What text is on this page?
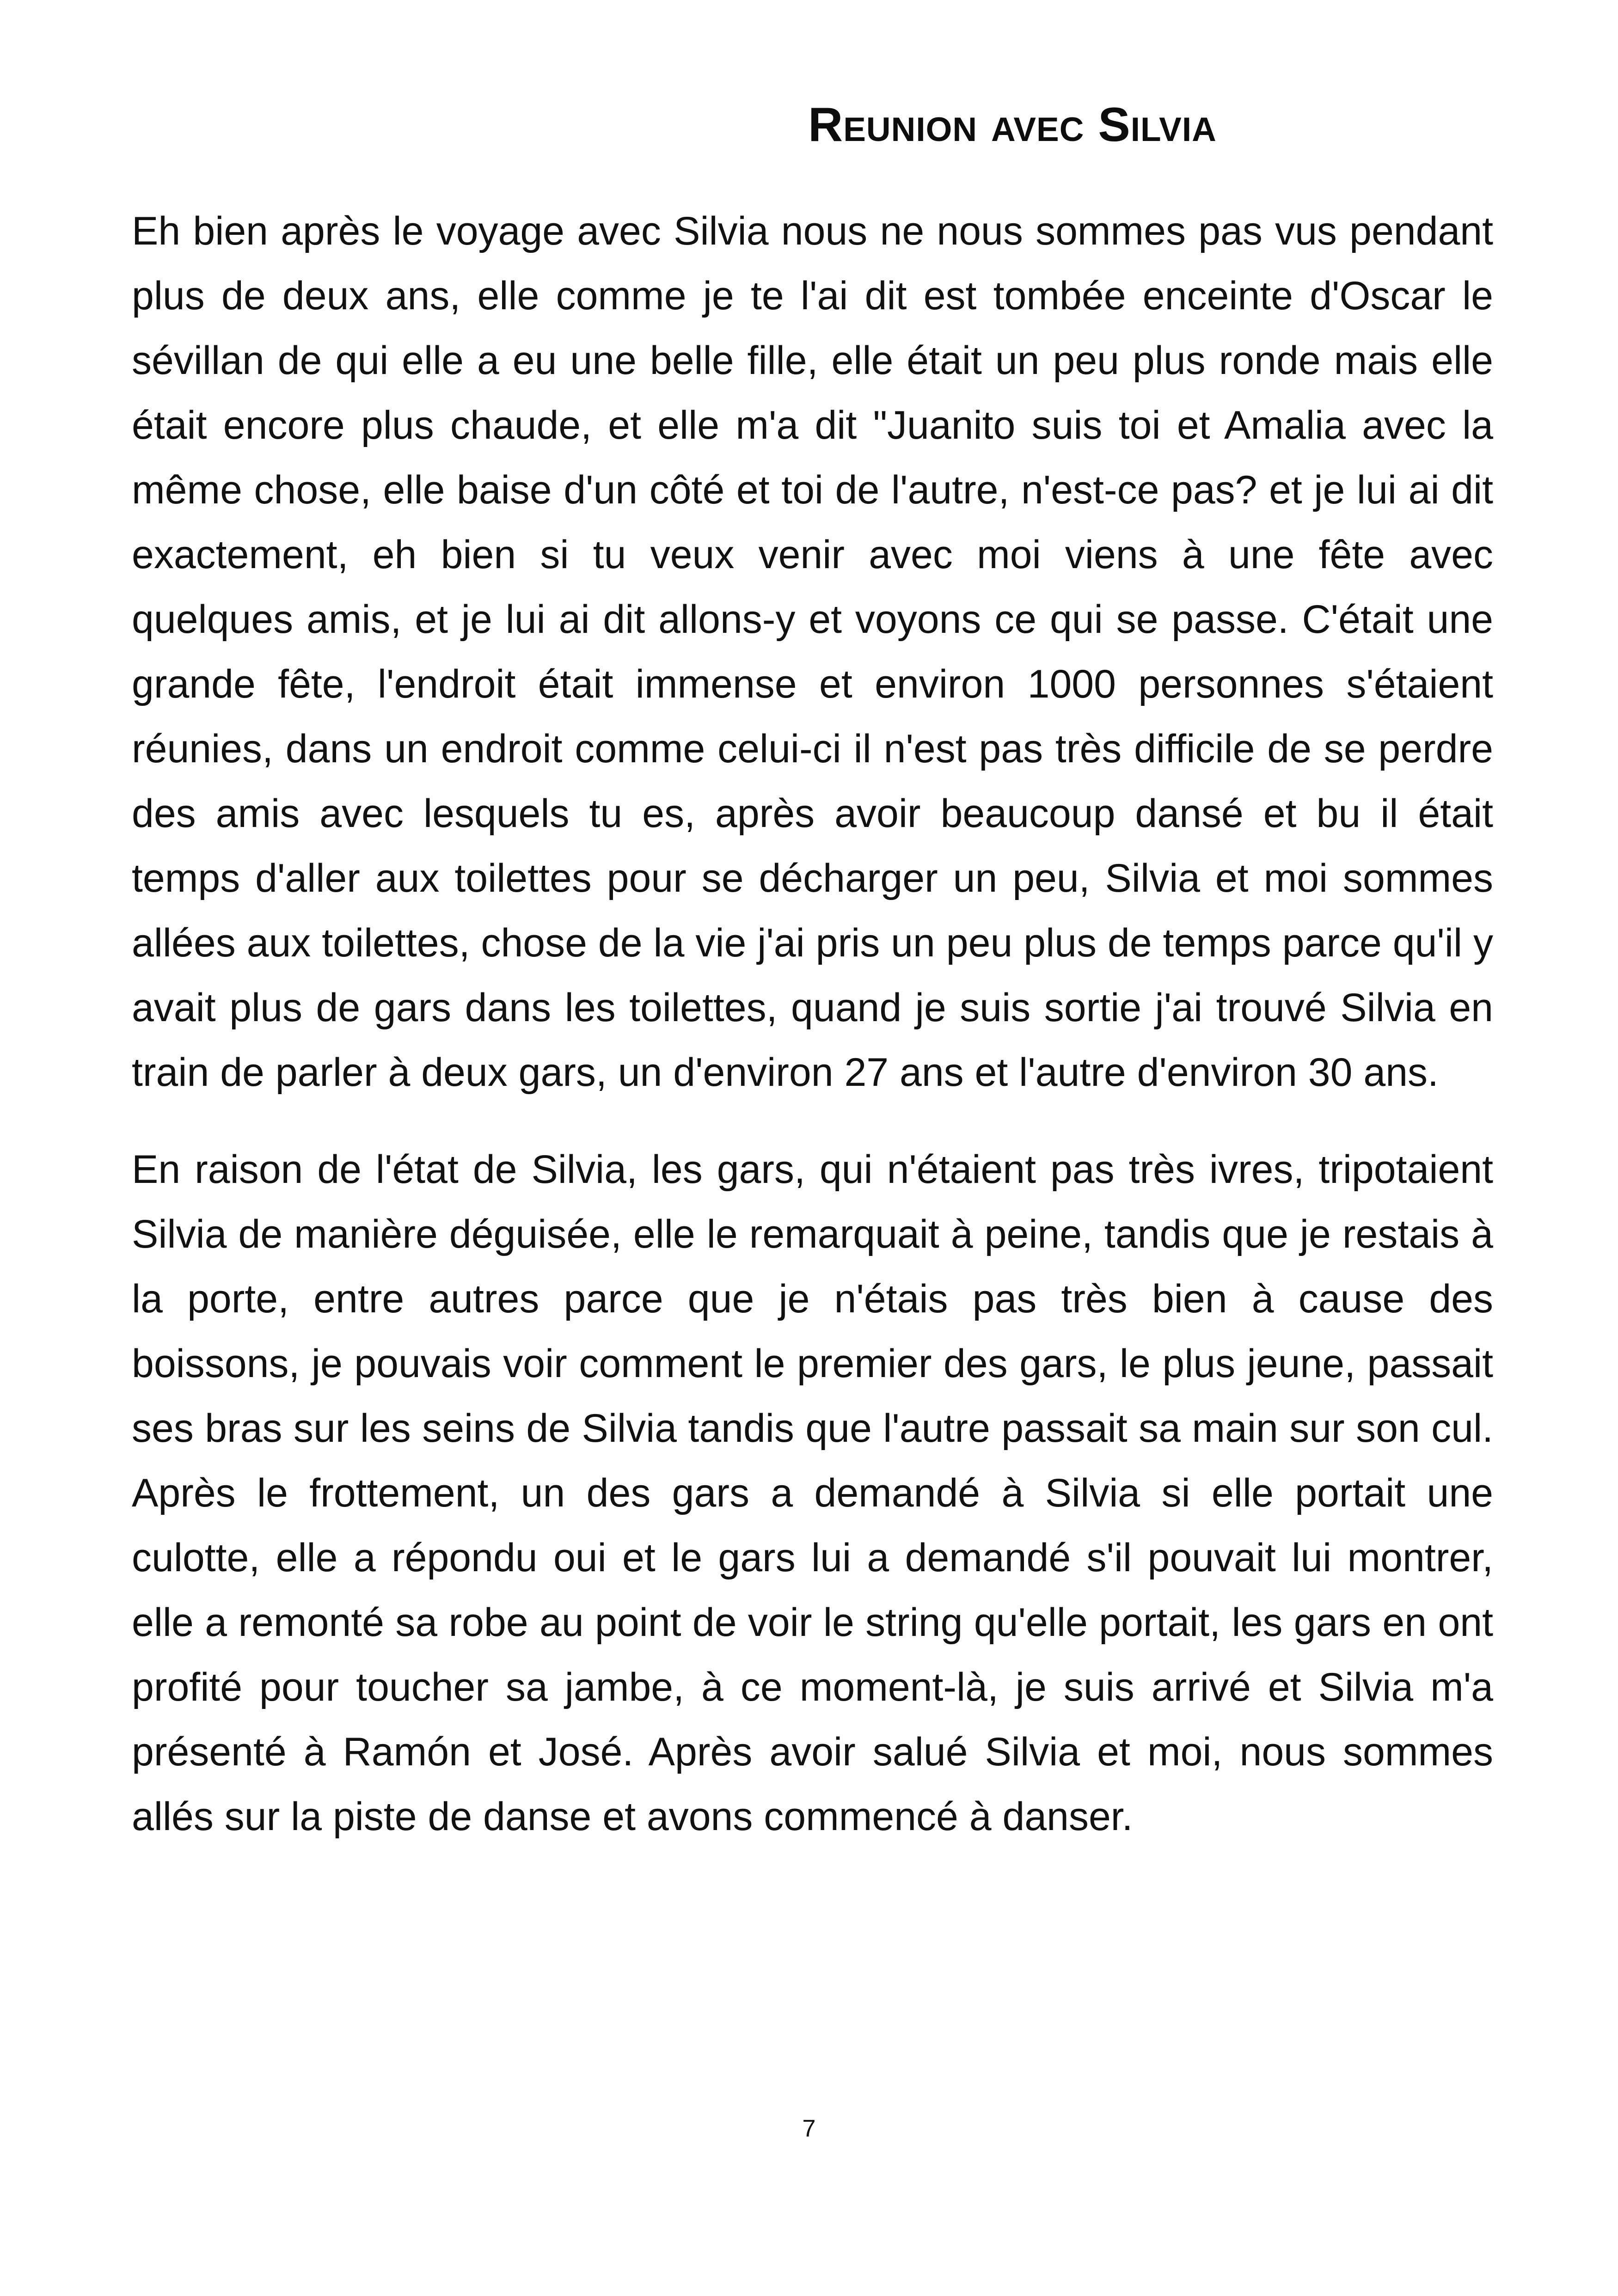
Reunion avec Silvia

Eh bien après le voyage avec Silvia nous ne nous sommes pas vus pendant plus de deux ans, elle comme je te l'ai dit est tombée enceinte d'Oscar le sévillan de qui elle a eu une belle fille, elle était un peu plus ronde mais elle était encore plus chaude, et elle m'a dit "Juanito suis toi et Amalia avec la même chose, elle baise d'un côté et toi de l'autre, n'est-ce pas? et je lui ai dit exactement, eh bien si tu veux venir avec moi viens à une fête avec quelques amis, et je lui ai dit allons-y et voyons ce qui se passe. C'était une grande fête, l'endroit était immense et environ 1000 personnes s'étaient réunies, dans un endroit comme celui-ci il n'est pas très difficile de se perdre des amis avec lesquels tu es, après avoir beaucoup dansé et bu il était temps d'aller aux toilettes pour se décharger un peu, Silvia et moi sommes allées aux toilettes, chose de la vie j'ai pris un peu plus de temps parce qu'il y avait plus de gars dans les toilettes, quand je suis sortie j'ai trouvé Silvia en train de parler à deux gars, un d'environ 27 ans et l'autre d'environ 30 ans.

En raison de l'état de Silvia, les gars, qui n'étaient pas très ivres, tripotaient Silvia de manière déguisée, elle le remarquait à peine, tandis que je restais à la porte, entre autres parce que je n'étais pas très bien à cause des boissons, je pouvais voir comment le premier des gars, le plus jeune, passait ses bras sur les seins de Silvia tandis que l'autre passait sa main sur son cul. Après le frottement, un des gars a demandé à Silvia si elle portait une culotte, elle a répondu oui et le gars lui a demandé s'il pouvait lui montrer, elle a remonté sa robe au point de voir le string qu'elle portait, les gars en ont profité pour toucher sa jambe, à ce moment-là, je suis arrivé et Silvia m'a présenté à Ramón et José. Après avoir salué Silvia et moi, nous sommes allés sur la piste de danse et avons commencé à danser.

7
